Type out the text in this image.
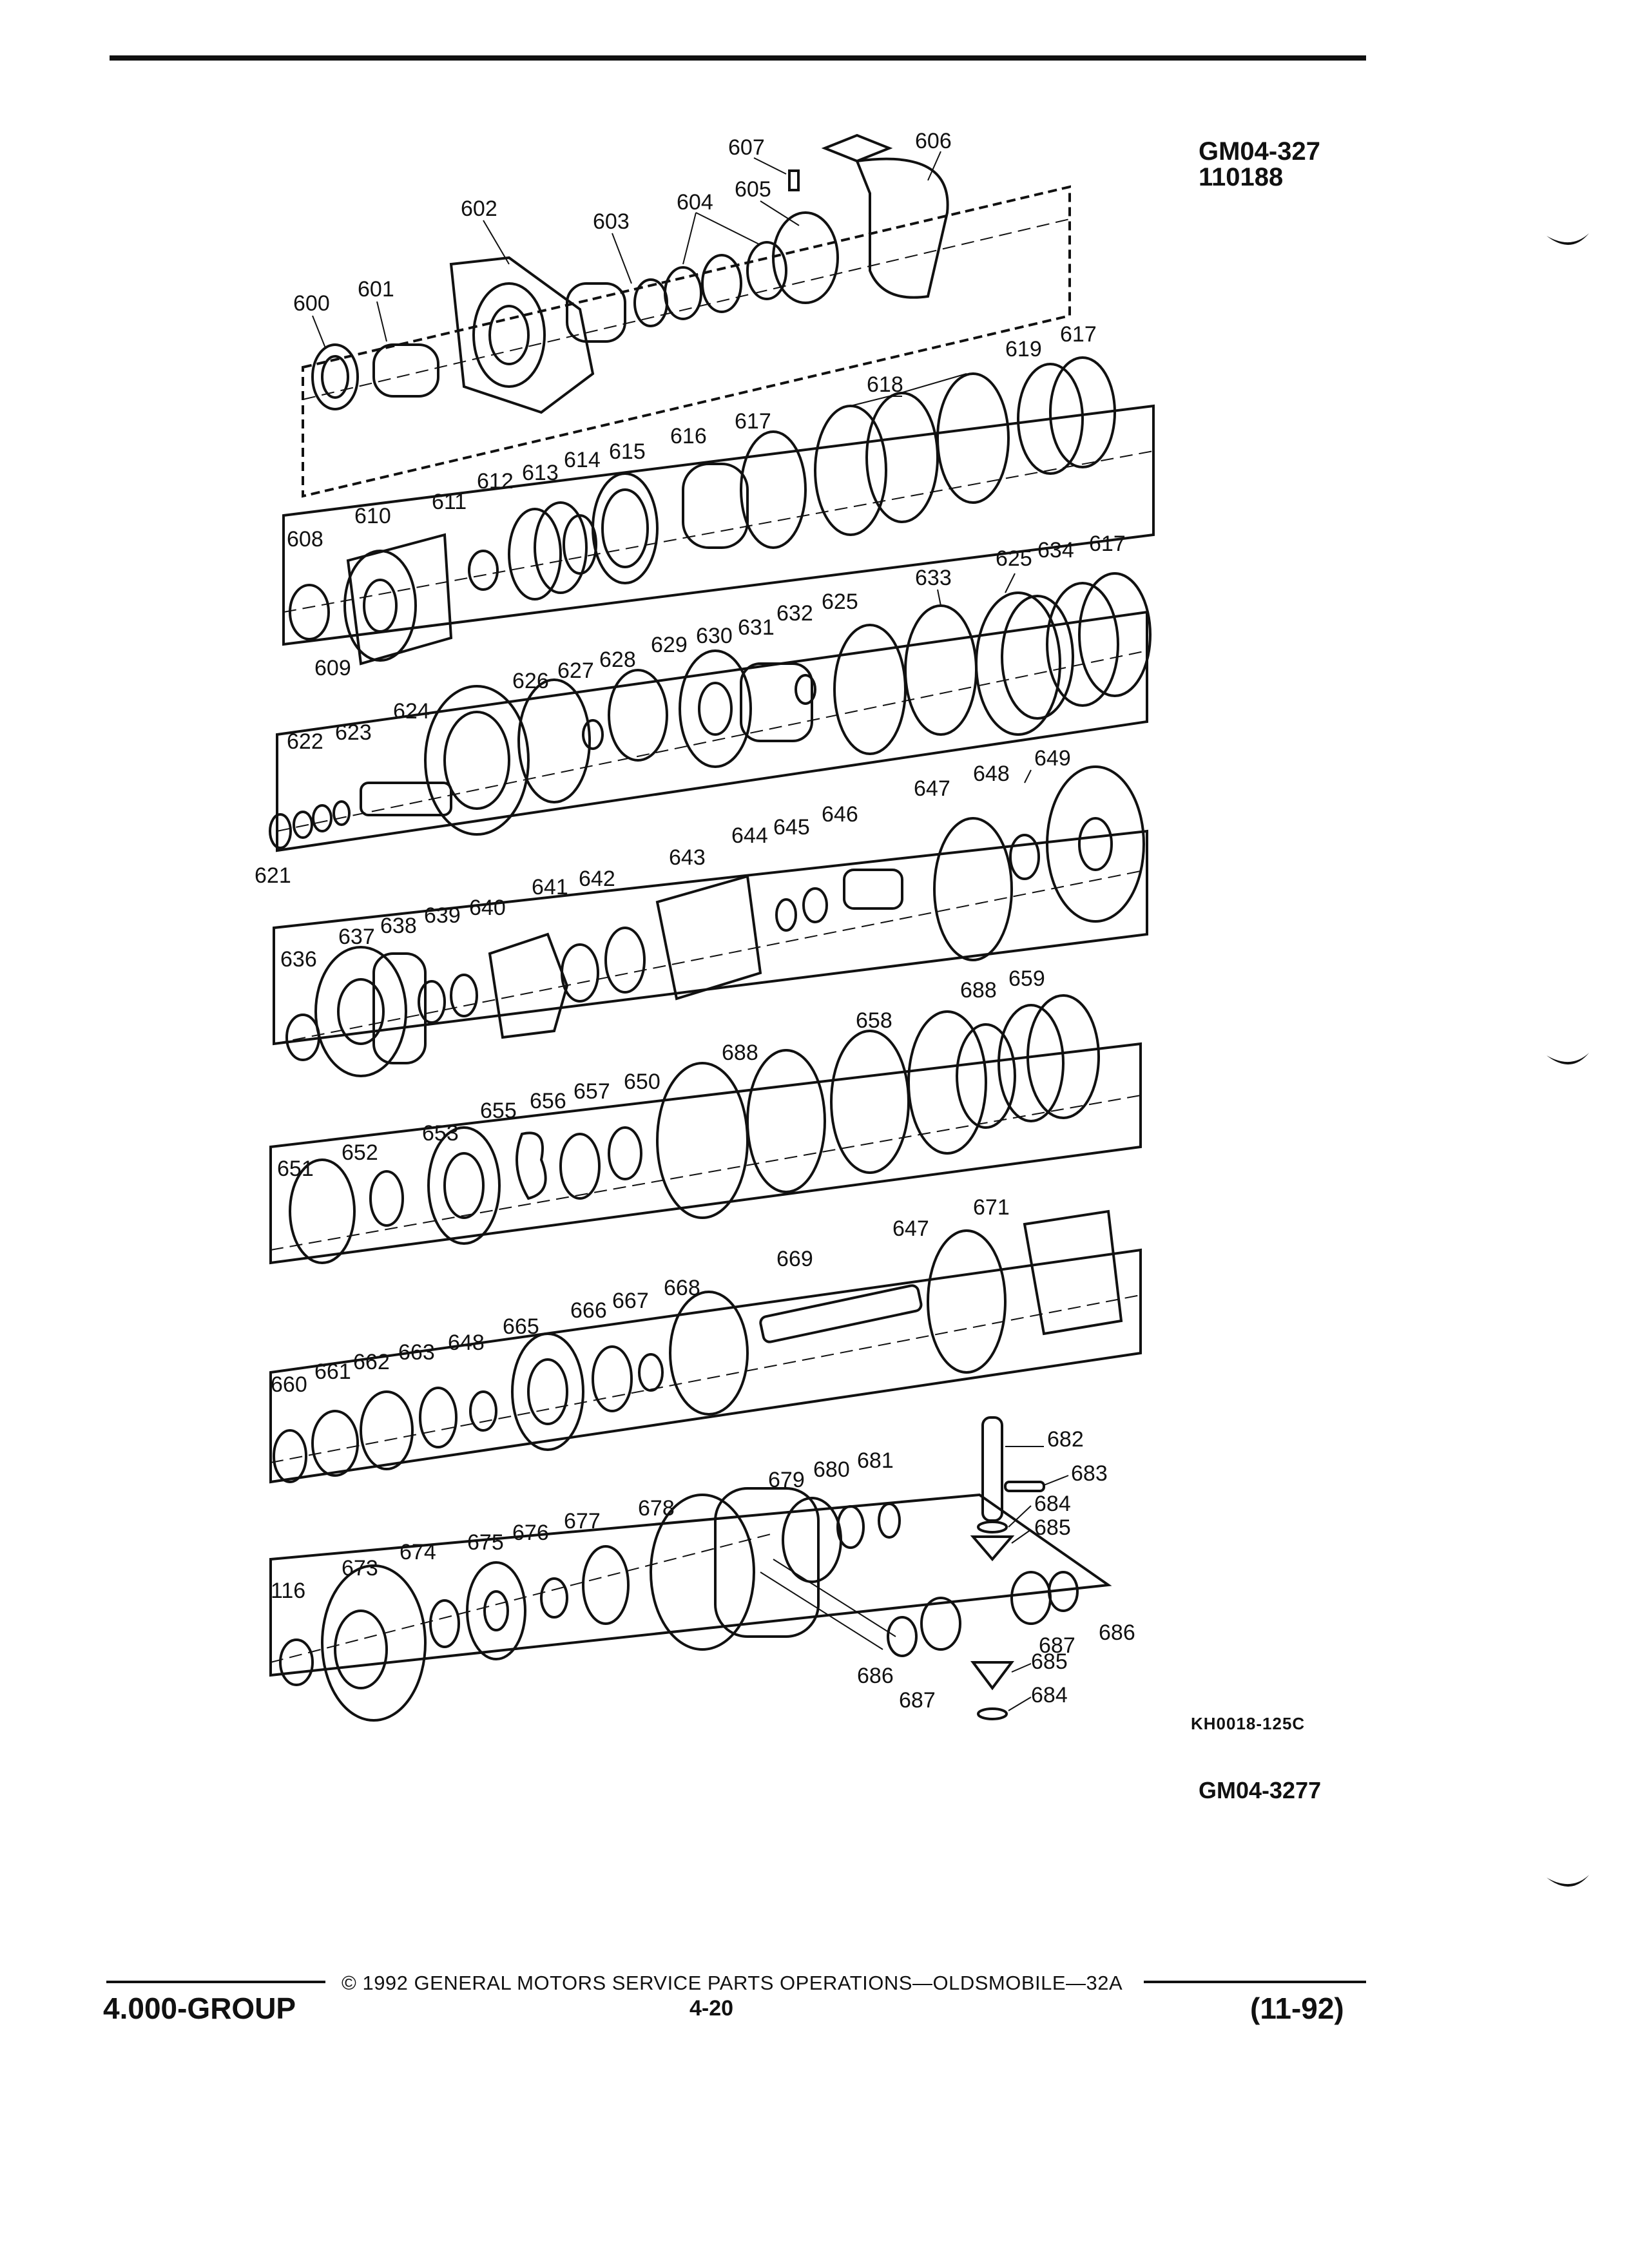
GM04-327
110188
607	606
605
604
603
602
601
600
619
617
618
617
616
615
614
613
612
611
610
608
609
625 634 617
633
625
632
631
630
629
628
627
626
624
623
622
621
649
648
647
646
645
644
643
642
641
640
639
638
637
636
659
688
658
688
650
657
656
655
653
652
651
671
647
669
668
667
666
665
648
663
662
661
660
681
680
679
678
677
676
675
674
673
116
682
683
684
685
686
687
687
686
685
684
KH0018-125C
GM04-3277
© 1992 GENERAL MOTORS SERVICE PARTS OPERATIONS—OLDSMOBILE—32A
4.000-GROUP	4-20	(11-92)
